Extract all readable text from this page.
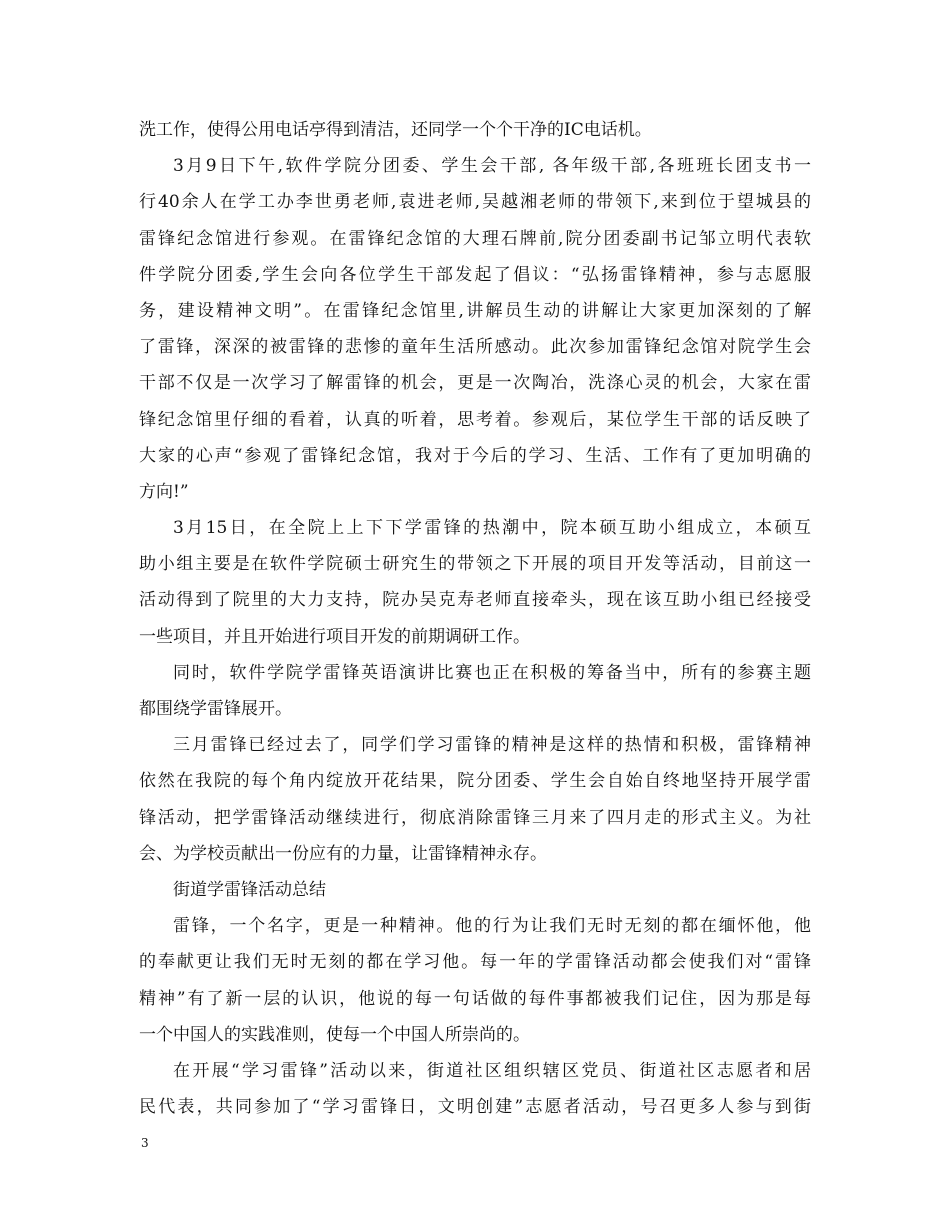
洗工作，使得公用电话亭得到清洁，还同学一个个干净的IC电话机。
3月9日下午,软件学院分团委、学生会干部, 各年级干部,各班班长团支书一
行40余人在学工办李世勇老师,袁进老师,吴越湘老师的带领下,来到位于望城县的
雷锋纪念馆进行参观。在雷锋纪念馆的大理石牌前,院分团委副书记邹立明代表软
件学院分团委,学生会向各位学生干部发起了倡议：“弘扬雷锋精神，参与志愿服
务，建设精神文明”。在雷锋纪念馆里,讲解员生动的讲解让大家更加深刻的了解
了雷锋，深深的被雷锋的悲惨的童年生活所感动。此次参加雷锋纪念馆对院学生会
干部不仅是一次学习了解雷锋的机会，更是一次陶冶，洗涤心灵的机会，大家在雷
锋纪念馆里仔细的看着，认真的听着，思考着。参观后，某位学生干部的话反映了
大家的心声“参观了雷锋纪念馆，我对于今后的学习、生活、工作有了更加明确的
方向!”
3月15日，在全院上上下下学雷锋的热潮中，院本硕互助小组成立，本硕互
助小组主要是在软件学院硕士研究生的带领之下开展的项目开发等活动，目前这一
活动得到了院里的大力支持，院办吴克寿老师直接牵头，现在该互助小组已经接受
一些项目，并且开始进行项目开发的前期调研工作。
同时，软件学院学雷锋英语演讲比赛也正在积极的筹备当中，所有的参赛主题
都围绕学雷锋展开。
三月雷锋已经过去了，同学们学习雷锋的精神是这样的热情和积极，雷锋精神
依然在我院的每个角内绽放开花结果，院分团委、学生会自始自终地坚持开展学雷
锋活动，把学雷锋活动继续进行，彻底消除雷锋三月来了四月走的形式主义。为社
会、为学校贡献出一份应有的力量，让雷锋精神永存。
街道学雷锋活动总结
雷锋，一个名字，更是一种精神。他的行为让我们无时无刻的都在缅怀他，他
的奉献更让我们无时无刻的都在学习他。每一年的学雷锋活动都会使我们对“雷锋
精神”有了新一层的认识，他说的每一句话做的每件事都被我们记住，因为那是每
一个中国人的实践准则，使每一个中国人所崇尚的。
在开展“学习雷锋”活动以来，街道社区组织辖区党员、街道社区志愿者和居
民代表，共同参加了“学习雷锋日，文明创建”志愿者活动，号召更多人参与到街
3
